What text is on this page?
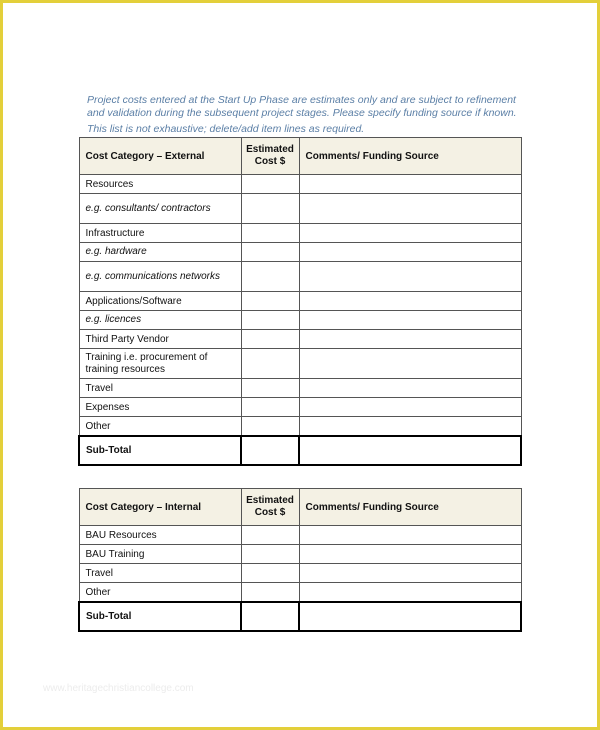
Project costs entered at the Start Up Phase are estimates only and are subject to refinement and validation during the subsequent project stages. Please specify funding source if known.

This list is not exhaustive; delete/add item lines as required.

Cost Category – External	Estimated Cost $	Comments/ Funding Source
Resources		
e.g. consultants/ contractors		
Infrastructure		
e.g. hardware		
e.g. communications networks		
Applications/Software		
e.g. licences		
Third Party Vendor		
Training i.e. procurement of training resources		
Travel		
Expenses		
Other		
Sub-Total		
Cost Category – Internal	Estimated Cost $	Comments/ Funding Source
BAU Resources		
BAU Training		
Travel		
Other		
Sub-Total		
www.heritagechristiancollege.com
